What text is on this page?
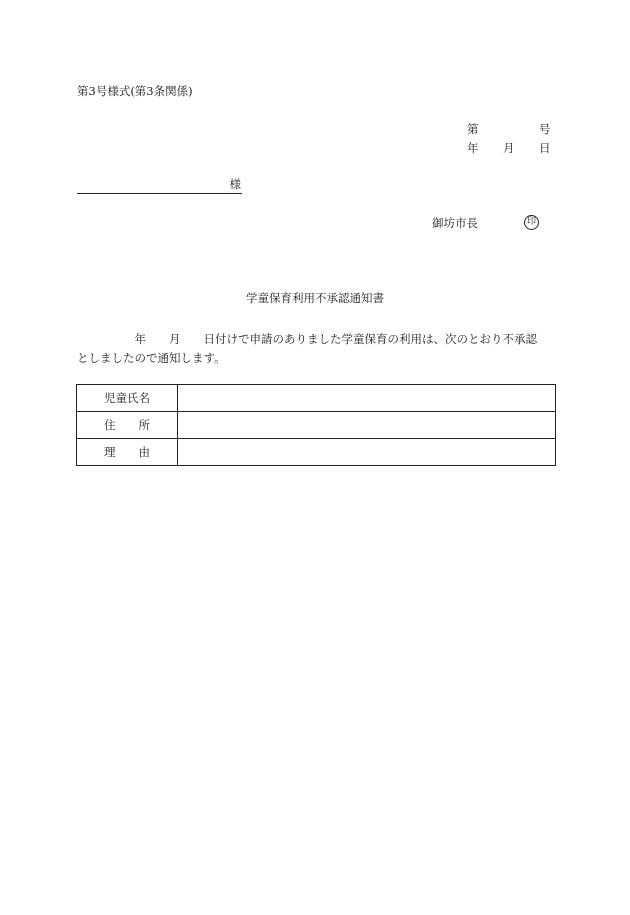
第3号様式(第3条関係)
第	号
年 月 日
様
御坊市長	印
学童保育利用不承認通知書
　　　　　年　　月　　日付けで申請のありました学童保育の利用は、次のとおり不承認
としましたので通知します。
児童氏名	
住　　所	
理　　由	
